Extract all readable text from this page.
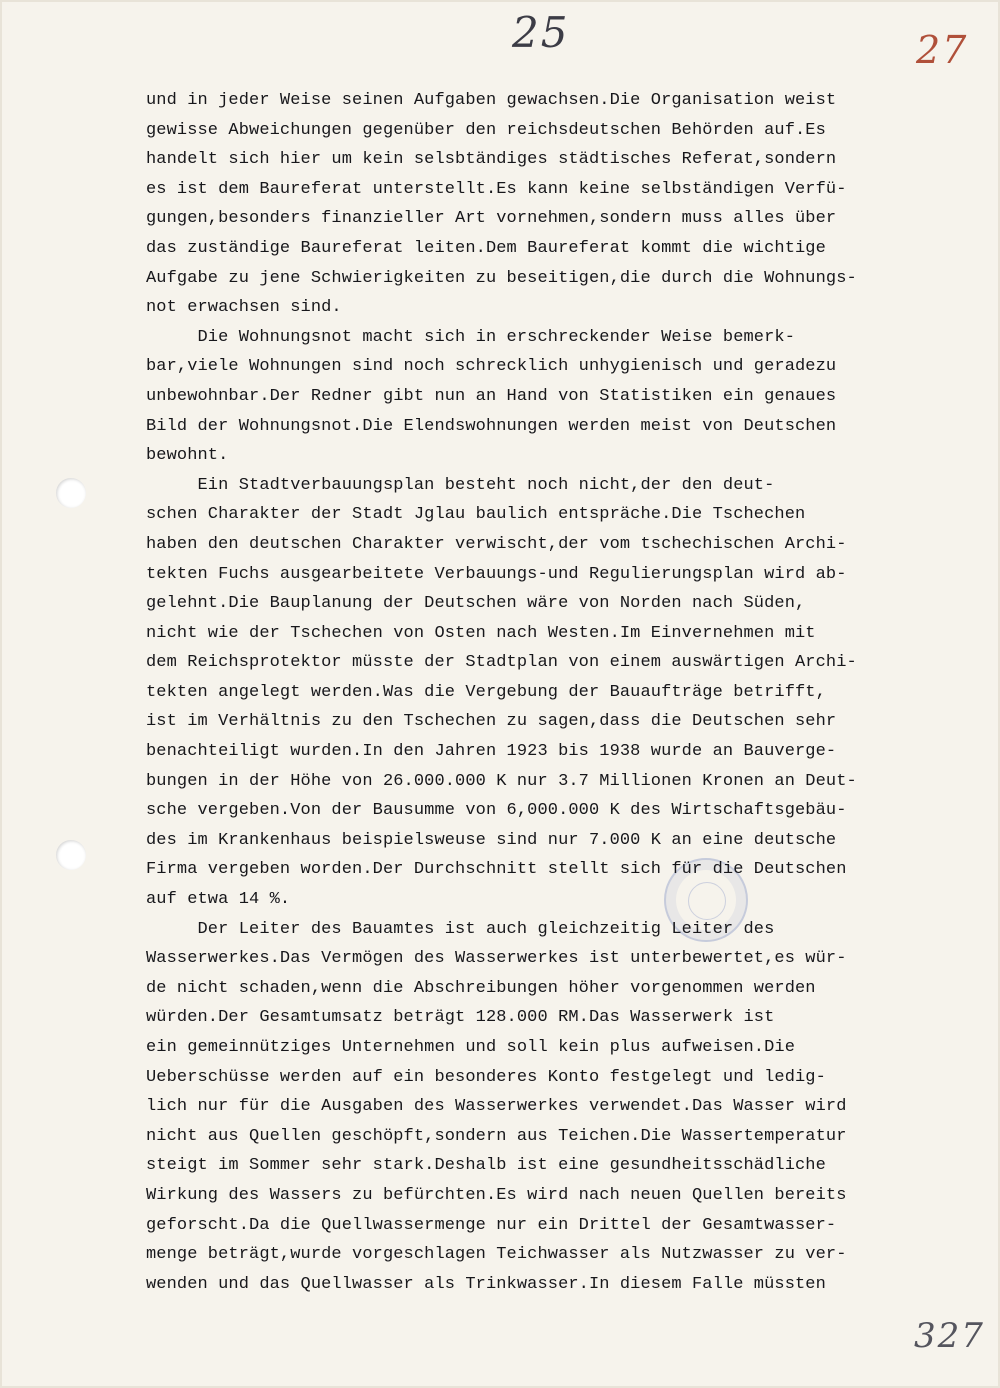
25	27
und in jeder Weise seinen Aufgaben gewachsen.Die Organisation weist
gewisse Abweichungen gegenüber den reichsdeutschen Behörden auf.Es
handelt sich hier um kein selsbtändiges städtisches Referat,sondern
es ist dem Baureferat unterstellt.Es kann keine selbständigen Verfü-
gungen,besonders finanzieller Art vornehmen,sondern muss alles über
das zuständige Baureferat leiten.Dem Baureferat kommt die wichtige
Aufgabe zu jene Schwierigkeiten zu beseitigen,die durch die Wohnungs-
not erwachsen sind.
Die Wohnungsnot macht sich in erschreckender Weise bemerk-
bar,viele Wohnungen sind noch schrecklich unhygienisch und geradezu
unbewohnbar.Der Redner gibt nun an Hand von Statistiken ein genaues
Bild der Wohnungsnot.Die Elendswohnungen werden meist von Deutschen
bewohnt.
Ein Stadtverbauungsplan besteht noch nicht,der den deut-
schen Charakter der Stadt Jglau baulich entspräche.Die Tschechen
haben den deutschen Charakter verwischt,der vom tschechischen Archi-
tekten Fuchs ausgearbeitete Verbauungs-und Regulierungsplan wird ab-
gelehnt.Die Bauplanung der Deutschen wäre von Norden nach Süden,
nicht wie der Tschechen von Osten nach Westen.Im Einvernehmen mit
dem Reichsprotektor müsste der Stadtplan von einem auswärtigen Archi-
tekten angelegt werden.Was die Vergebung der Bauaufträge betrifft,
ist im Verhältnis zu den Tschechen zu sagen,dass die Deutschen sehr
benachteiligt wurden.In den Jahren 1923 bis 1938 wurde an Bauverge-
bungen in der Höhe von 26.000.000 K nur 3.7 Millionen Kronen an Deut-
sche vergeben.Von der Bausumme von 6,000.000 K des Wirtschaftsgebäu-
des im Krankenhaus beispielsweuse sind nur 7.000 K an eine deutsche
Firma vergeben worden.Der Durchschnitt stellt sich für die Deutschen
auf etwa 14 %.
Der Leiter des Bauamtes ist auch gleichzeitig Leiter des
Wasserwerkes.Das Vermögen des Wasserwerkes ist unterbewertet,es wür-
de nicht schaden,wenn die Abschreibungen höher vorgenommen werden
würden.Der Gesamtumsatz beträgt 128.000 RM.Das Wasserwerk ist
ein gemeinnütziges Unternehmen und soll kein plus aufweisen.Die
Ueberschüsse werden auf ein besonderes Konto festgelegt und ledig-
lich nur für die Ausgaben des Wasserwerkes verwendet.Das Wasser wird
nicht aus Quellen geschöpft,sondern aus Teichen.Die Wassertemperatur
steigt im Sommer sehr stark.Deshalb ist eine gesundheitsschädliche
Wirkung des Wassers zu befürchten.Es wird nach neuen Quellen bereits
geforscht.Da die Quellwassermenge nur ein Drittel der Gesamtwasser-
menge beträgt,wurde vorgeschlagen Teichwasser als Nutzwasser zu ver-
wenden und das Quellwasser als Trinkwasser.In diesem Falle müssten
327
